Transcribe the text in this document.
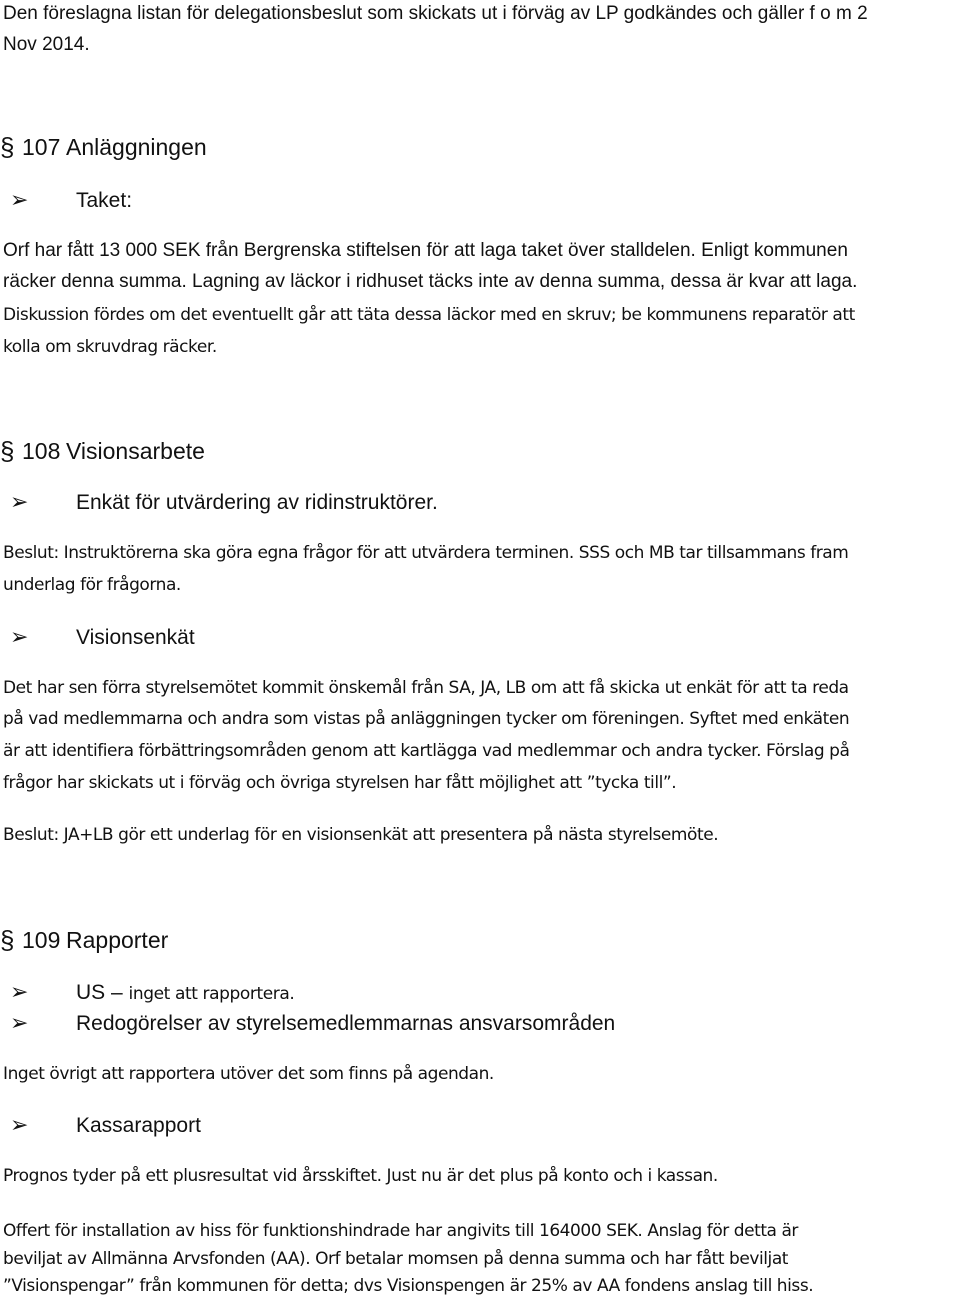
Den föreslagna listan för delegationsbeslut som skickats ut i förväg av LP godkändes och gäller f o m 2
Nov 2014.
§ 107 Anläggningen
➢ Taket:
Orf har fått 13 000 SEK från Bergrenska stiftelsen för att laga taket över stalldelen. Enligt kommunen
räcker denna summa. Lagning av läckor i ridhuset täcks inte av denna summa, dessa är kvar att laga.
Diskussion fördes om det eventuellt går att täta dessa läckor med en skruv; be kommunens reparatör att
kolla om skruvdrag räcker.
§ 108 Visionsarbete
➢ Enkät för utvärdering av ridinstruktörer.
Beslut: Instruktörerna ska göra egna frågor för att utvärdera terminen. SSS och MB tar tillsammans fram
underlag för frågorna.
➢ Visionsenkät
Det har sen förra styrelsemötet kommit önskemål från SA, JA, LB om att få skicka ut enkät för att ta reda
på vad medlemmarna och andra som vistas på anläggningen tycker om föreningen. Syftet med enkäten
är att identifiera förbättringsområden genom att kartlägga vad medlemmar och andra tycker. Förslag på
frågor har skickats ut i förväg och övriga styrelsen har fått möjlighet att ”tycka till”.
Beslut: JA+LB gör ett underlag för en visionsenkät att presentera på nästa styrelsemöte.
§ 109 Rapporter
➢ US – inget att rapportera.
➢ Redogörelser av styrelsemedlemmarnas ansvarsområden
Inget övrigt att rapportera utöver det som finns på agendan.
➢ Kassarapport
Prognos tyder på ett plusresultat vid årsskiftet. Just nu är det plus på konto och i kassan.
Offert för installation av hiss för funktionshindrade har angivits till 164000 SEK. Anslag för detta är
beviljat av Allmänna Arvsfonden (AA). Orf betalar momsen på denna summa och har fått beviljat
”Visionspengar” från kommunen för detta; dvs Visionspengen är 25% av AA fondens anslag till hiss.
